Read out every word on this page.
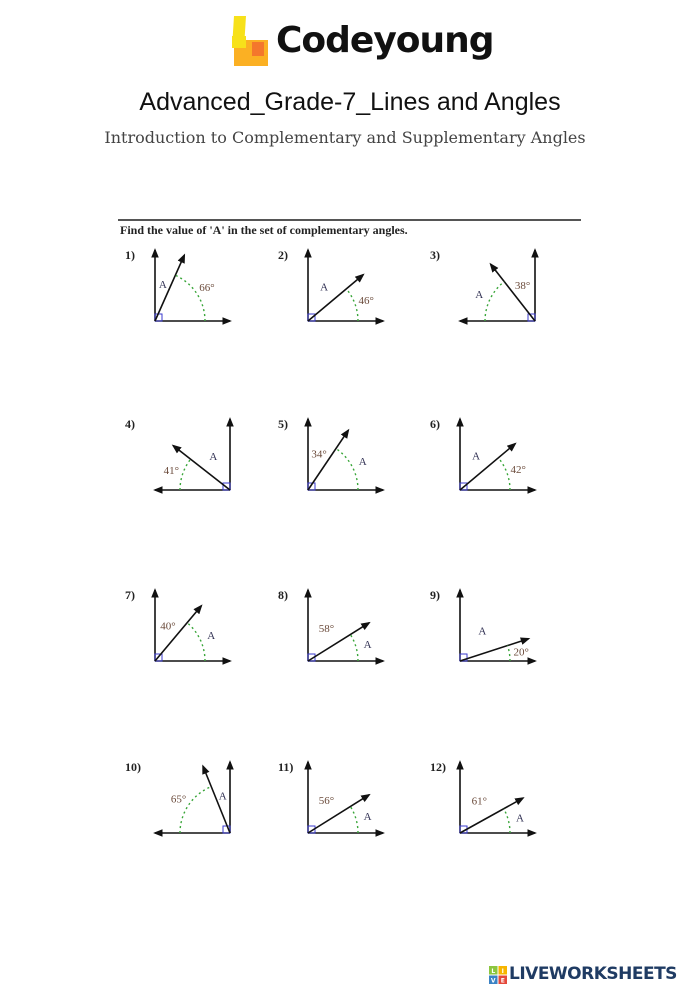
Codeyoung
Advanced_Grade-7_Lines and Angles
Introduction to Complementary and Supplementary Angles
Find the value of 'A' in the set of complementary angles.
1)
66°
A
2)
46°
A
3)
38°
A
4)
41°
A
5)
34°
A
6)
42°
A
7)
40°
A
8)
58°
A
9)
20°
A
10)
65°	A
11)
56°
A
12)
61°
A
L I
V E LIVEWORKSHEETS
